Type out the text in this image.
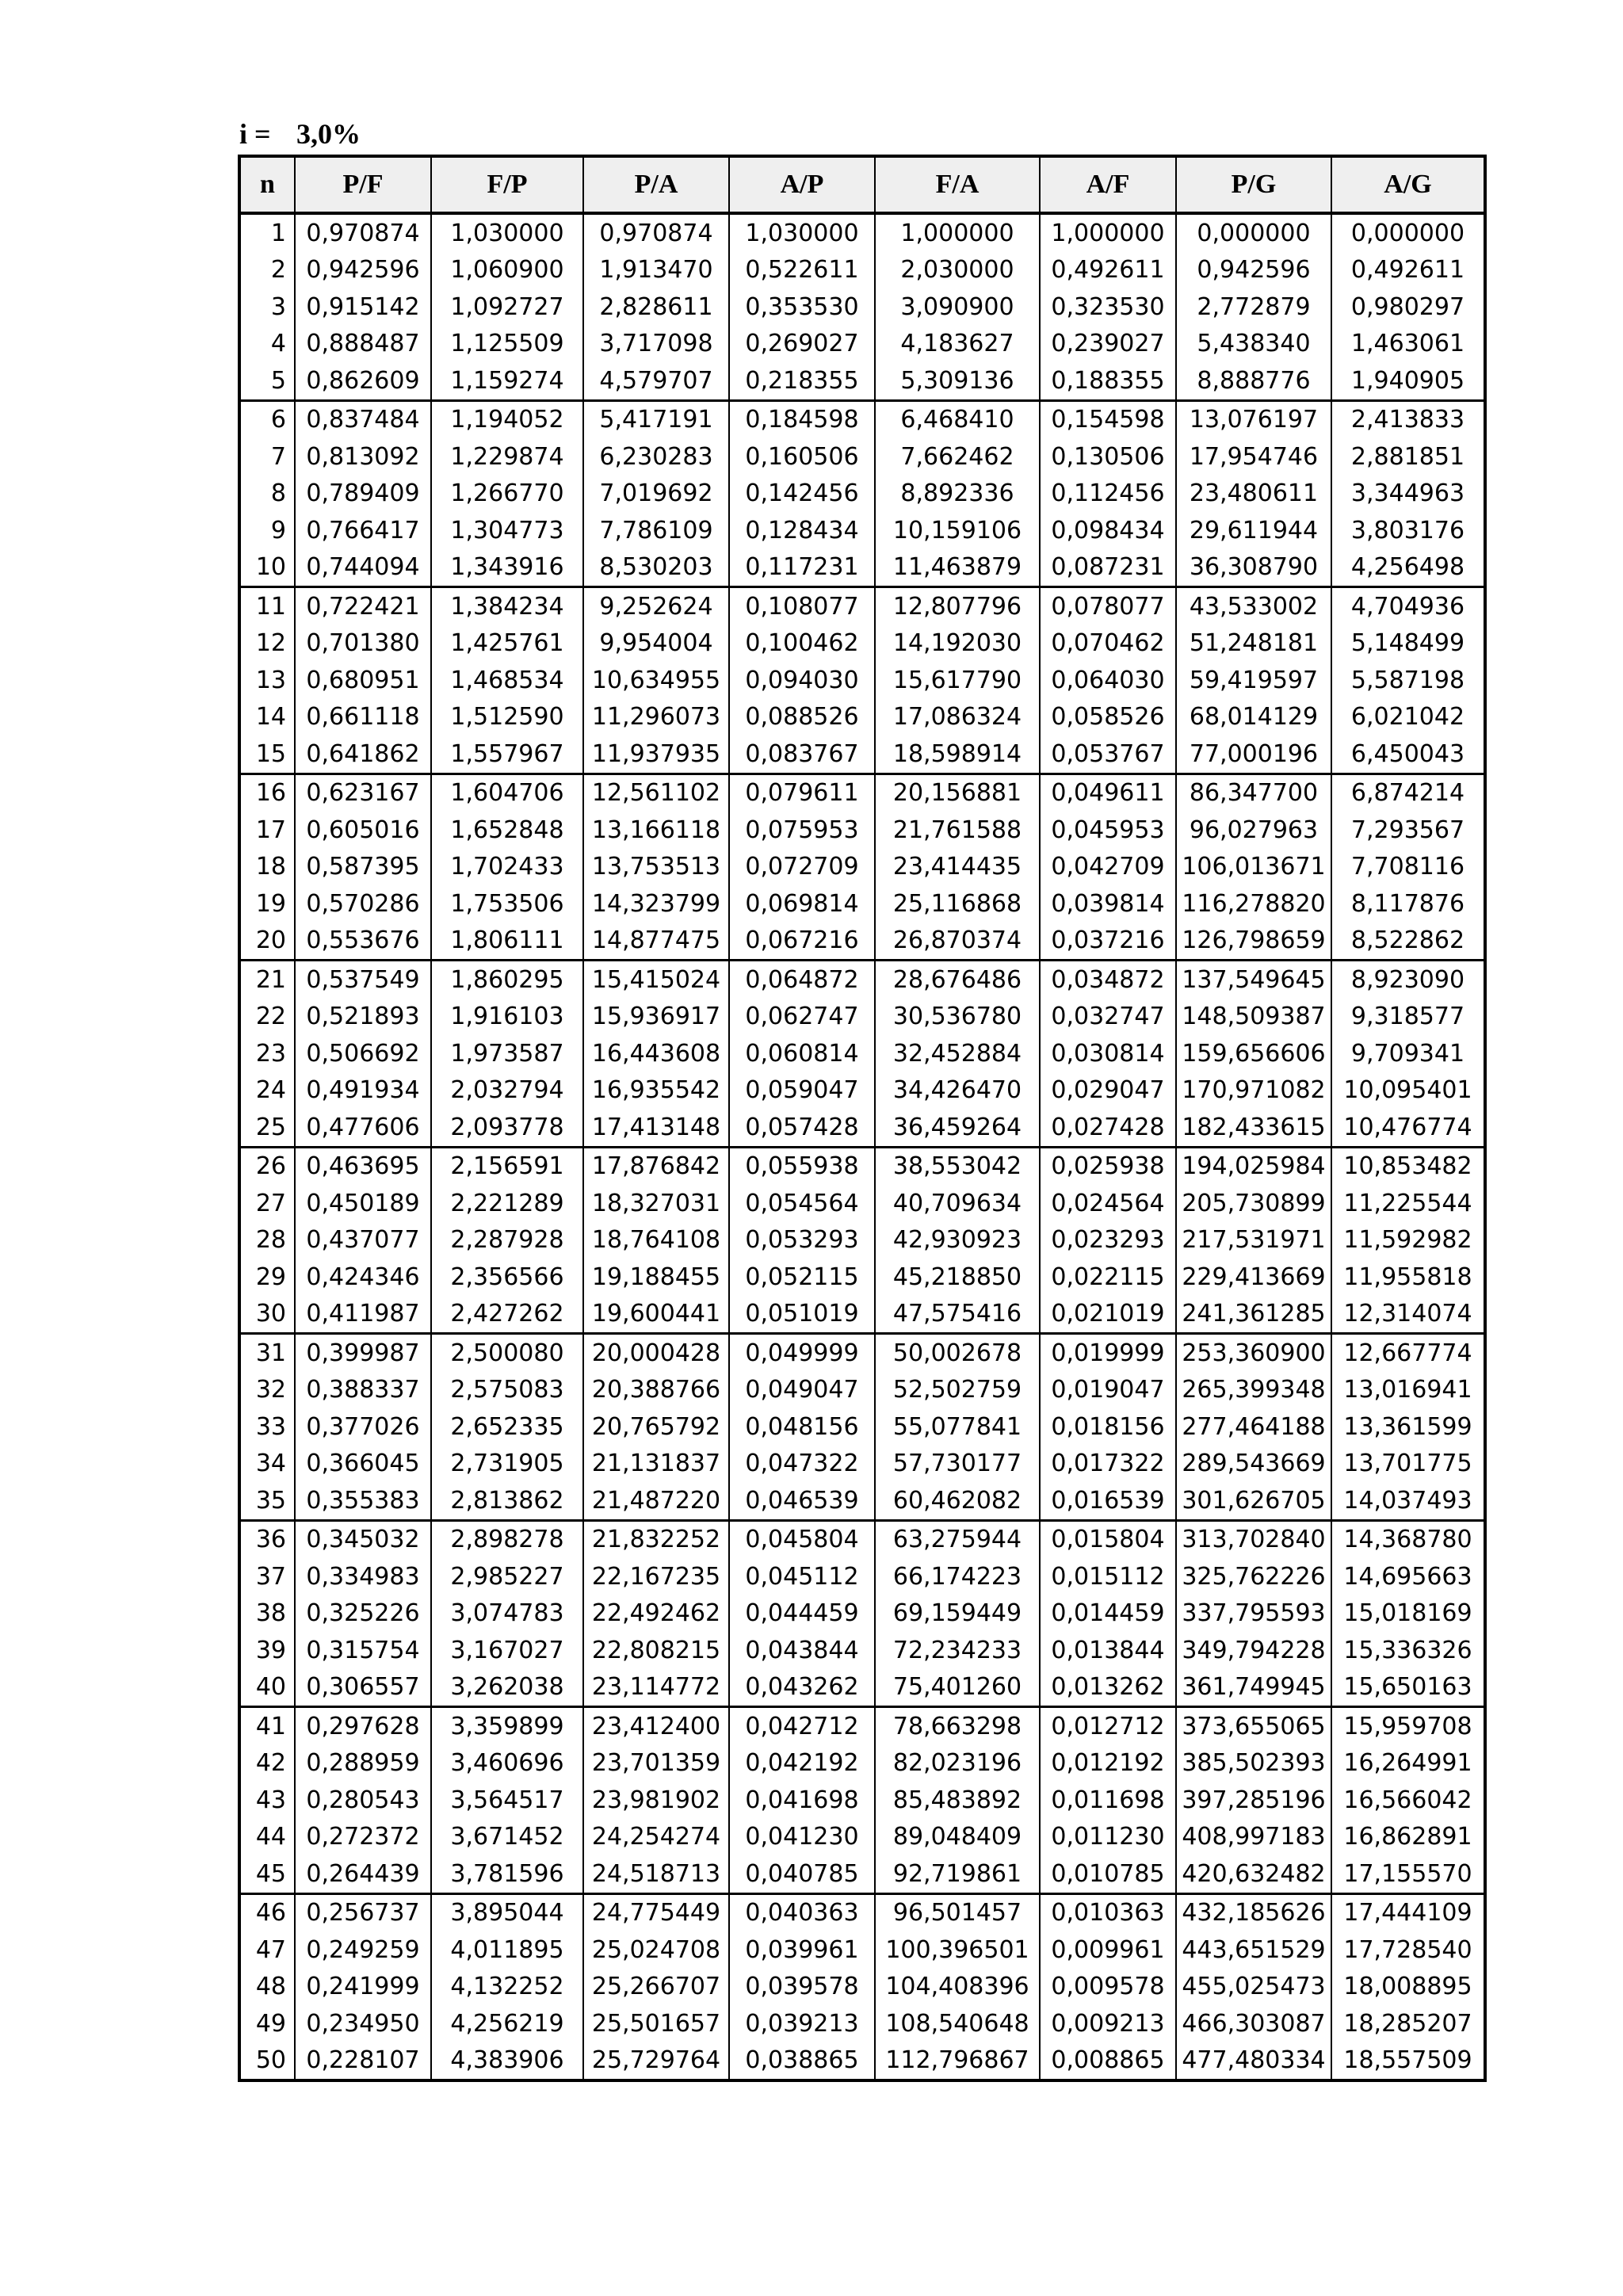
i = 3,0%
n	P/F	F/P	P/A	A/P	F/A	A/F	P/G	A/G
1	0,970874	1,030000	0,970874	1,030000	1,000000	1,000000	0,000000	0,000000
2	0,942596	1,060900	1,913470	0,522611	2,030000	0,492611	0,942596	0,492611
3	0,915142	1,092727	2,828611	0,353530	3,090900	0,323530	2,772879	0,980297
4	0,888487	1,125509	3,717098	0,269027	4,183627	0,239027	5,438340	1,463061
5	0,862609	1,159274	4,579707	0,218355	5,309136	0,188355	8,888776	1,940905
6	0,837484	1,194052	5,417191	0,184598	6,468410	0,154598	13,076197	2,413833
7	0,813092	1,229874	6,230283	0,160506	7,662462	0,130506	17,954746	2,881851
8	0,789409	1,266770	7,019692	0,142456	8,892336	0,112456	23,480611	3,344963
9	0,766417	1,304773	7,786109	0,128434	10,159106	0,098434	29,611944	3,803176
10	0,744094	1,343916	8,530203	0,117231	11,463879	0,087231	36,308790	4,256498
11	0,722421	1,384234	9,252624	0,108077	12,807796	0,078077	43,533002	4,704936
12	0,701380	1,425761	9,954004	0,100462	14,192030	0,070462	51,248181	5,148499
13	0,680951	1,468534	10,634955	0,094030	15,617790	0,064030	59,419597	5,587198
14	0,661118	1,512590	11,296073	0,088526	17,086324	0,058526	68,014129	6,021042
15	0,641862	1,557967	11,937935	0,083767	18,598914	0,053767	77,000196	6,450043
16	0,623167	1,604706	12,561102	0,079611	20,156881	0,049611	86,347700	6,874214
17	0,605016	1,652848	13,166118	0,075953	21,761588	0,045953	96,027963	7,293567
18	0,587395	1,702433	13,753513	0,072709	23,414435	0,042709	106,013671	7,708116
19	0,570286	1,753506	14,323799	0,069814	25,116868	0,039814	116,278820	8,117876
20	0,553676	1,806111	14,877475	0,067216	26,870374	0,037216	126,798659	8,522862
21	0,537549	1,860295	15,415024	0,064872	28,676486	0,034872	137,549645	8,923090
22	0,521893	1,916103	15,936917	0,062747	30,536780	0,032747	148,509387	9,318577
23	0,506692	1,973587	16,443608	0,060814	32,452884	0,030814	159,656606	9,709341
24	0,491934	2,032794	16,935542	0,059047	34,426470	0,029047	170,971082	10,095401
25	0,477606	2,093778	17,413148	0,057428	36,459264	0,027428	182,433615	10,476774
26	0,463695	2,156591	17,876842	0,055938	38,553042	0,025938	194,025984	10,853482
27	0,450189	2,221289	18,327031	0,054564	40,709634	0,024564	205,730899	11,225544
28	0,437077	2,287928	18,764108	0,053293	42,930923	0,023293	217,531971	11,592982
29	0,424346	2,356566	19,188455	0,052115	45,218850	0,022115	229,413669	11,955818
30	0,411987	2,427262	19,600441	0,051019	47,575416	0,021019	241,361285	12,314074
31	0,399987	2,500080	20,000428	0,049999	50,002678	0,019999	253,360900	12,667774
32	0,388337	2,575083	20,388766	0,049047	52,502759	0,019047	265,399348	13,016941
33	0,377026	2,652335	20,765792	0,048156	55,077841	0,018156	277,464188	13,361599
34	0,366045	2,731905	21,131837	0,047322	57,730177	0,017322	289,543669	13,701775
35	0,355383	2,813862	21,487220	0,046539	60,462082	0,016539	301,626705	14,037493
36	0,345032	2,898278	21,832252	0,045804	63,275944	0,015804	313,702840	14,368780
37	0,334983	2,985227	22,167235	0,045112	66,174223	0,015112	325,762226	14,695663
38	0,325226	3,074783	22,492462	0,044459	69,159449	0,014459	337,795593	15,018169
39	0,315754	3,167027	22,808215	0,043844	72,234233	0,013844	349,794228	15,336326
40	0,306557	3,262038	23,114772	0,043262	75,401260	0,013262	361,749945	15,650163
41	0,297628	3,359899	23,412400	0,042712	78,663298	0,012712	373,655065	15,959708
42	0,288959	3,460696	23,701359	0,042192	82,023196	0,012192	385,502393	16,264991
43	0,280543	3,564517	23,981902	0,041698	85,483892	0,011698	397,285196	16,566042
44	0,272372	3,671452	24,254274	0,041230	89,048409	0,011230	408,997183	16,862891
45	0,264439	3,781596	24,518713	0,040785	92,719861	0,010785	420,632482	17,155570
46	0,256737	3,895044	24,775449	0,040363	96,501457	0,010363	432,185626	17,444109
47	0,249259	4,011895	25,024708	0,039961	100,396501	0,009961	443,651529	17,728540
48	0,241999	4,132252	25,266707	0,039578	104,408396	0,009578	455,025473	18,008895
49	0,234950	4,256219	25,501657	0,039213	108,540648	0,009213	466,303087	18,285207
50	0,228107	4,383906	25,729764	0,038865	112,796867	0,008865	477,480334	18,557509
